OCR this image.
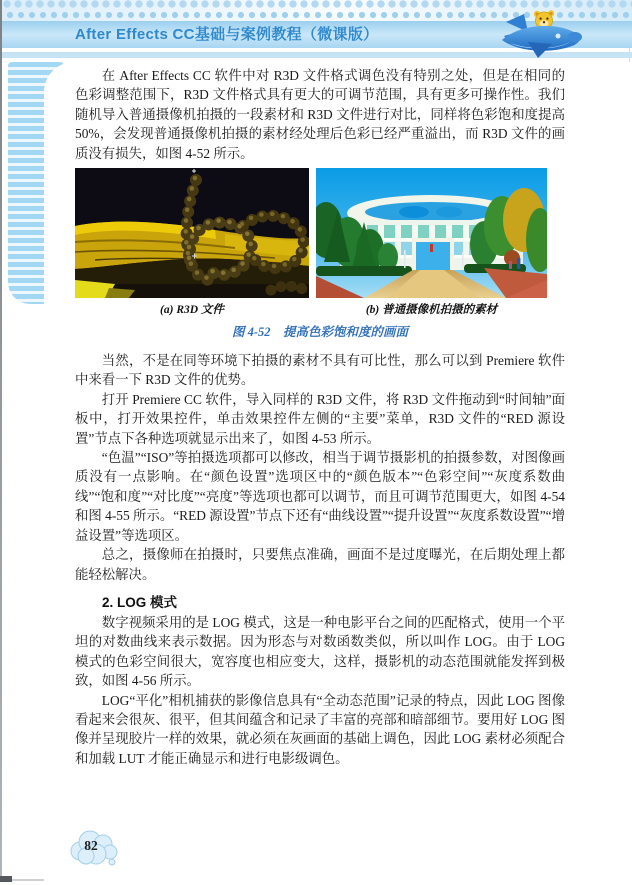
After Effects CC基础与案例教程（微课版）

在 After Effects CC 软件中对 R3D 文件格式调色没有特别之处，但是在相同的色彩调整范围下，R3D 文件格式具有更大的可调节范围，具有更多可操作性。我们随机导入普通摄像机拍摄的一段素材和 R3D 文件进行对比，同样将色彩饱和度提高 50%，会发现普通摄像机拍摄的素材经处理后色彩已经严重溢出，而 R3D 文件的画质没有损失，如图 4-52 所示。

(a) R3D 文件	(b) 普通摄像机拍摄的素材
图 4-52　提高色彩饱和度的画面

当然，不是在同等环境下拍摄的素材不具有可比性，那么可以到 Premiere 软件中来看一下 R3D 文件的优势。

打开 Premiere CC 软件，导入同样的 R3D 文件，将 R3D 文件拖动到“时间轴”面板中，打开效果控件，单击效果控件左侧的“主要”菜单，R3D 文件的“RED 源设置”节点下各种选项就显示出来了，如图 4-53 所示。

“色温”“ISO”等拍摄选项都可以修改，相当于调节摄影机的拍摄参数，对图像画质没有一点影响。在“颜色设置”选项区中的“颜色版本”“色彩空间”“灰度系数曲线”“饱和度”“对比度”“亮度”等选项也都可以调节，而且可调节范围更大，如图 4-54 和图 4-55 所示。“RED 源设置”节点下还有“曲线设置”“提升设置”“灰度系数设置”“增益设置”等选项区。

总之，摄像师在拍摄时，只要焦点准确，画面不是过度曝光，在后期处理上都能轻松解决。

2. LOG 模式

数字视频采用的是 LOG 模式，这是一种电影平台之间的匹配格式，使用一个平坦的对数曲线来表示数据。因为形态与对数函数类似，所以叫作 LOG。由于 LOG 模式的色彩空间很大，宽容度也相应变大，这样，摄影机的动态范围就能发挥到极致，如图 4-56 所示。

LOG“平化”相机捕获的影像信息具有“全动态范围”记录的特点，因此 LOG 图像看起来会很灰、很平，但其间蕴含和记录了丰富的亮部和暗部细节。要用好 LOG 图像并呈现胶片一样的效果，就必须在灰画面的基础上调色，因此 LOG 素材必须配合和加载 LUT 才能正确显示和进行电影级调色。

82
